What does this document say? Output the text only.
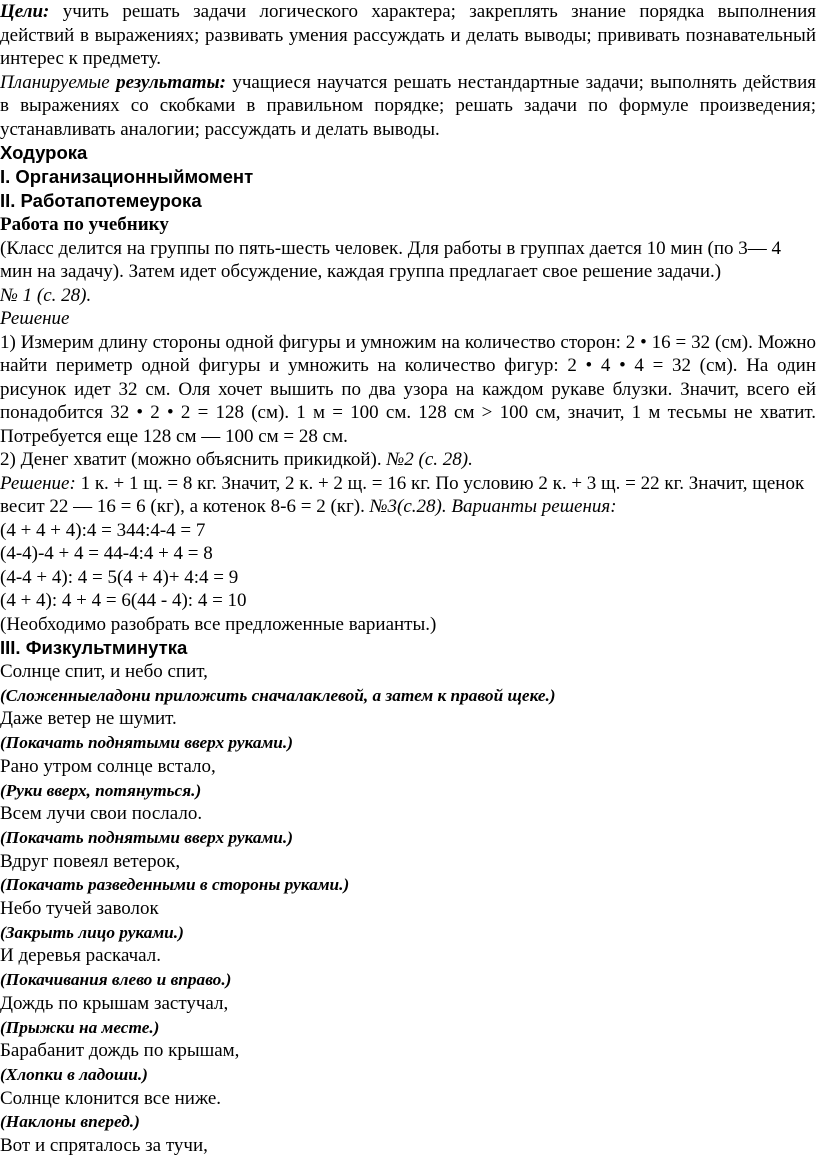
Цели: учить решать задачи логического характера; закреплять знание порядка выполнения действий в выражениях; развивать умения рассуждать и делать выводы; прививать познавательный интерес к предмету.

Планируемые результаты: учащиеся научатся решать нестандартные задачи; выполнять действия в выражениях со скобками в правильном порядке; решать задачи по формуле произведения; устанавливать аналогии; рассуждать и делать выводы.

Ходурока

I. Организационныймомент

II. Работапотемеурока

Работа по учебнику

(Класс делится на группы по пять-шесть человек. Для работы в группах дается 10 мин (по 3— 4 мин на задачу). Затем идет обсуждение, каждая группа предлагает свое решение задачи.)

№ 1 (с. 28).

Решение

1) Измерим длину стороны одной фигуры и умножим на количество сторон: 2 • 16 = 32 (см). Можно найти периметр одной фигуры и умножить на количество фигур: 2 • 4 • 4 = 32 (см). На один рисунок идет 32 см. Оля хочет вышить по два узора на каждом рукаве блузки. Значит, всего ей понадобится 32 • 2 • 2 = 128 (см). 1 м = 100 см. 128 см > 100 см, значит, 1 м тесьмы не хватит. Потребуется еще 128 см — 100 см = 28 см.

2) Денег хватит (можно объяснить прикидкой). №2 (с. 28).

Решение: 1 к. + 1 щ. = 8 кг. Значит, 2 к. + 2 щ. = 16 кг. По условию 2 к. + 3 щ. = 22 кг. Значит, щенок весит 22 — 16 = 6 (кг), а котенок 8-6 = 2 (кг). №3(с.28). Варианты решения:

(4 + 4 + 4):4 = 344:4-4 = 7

(4-4)-4 + 4 = 44-4:4 + 4 = 8

(4-4 + 4): 4 = 5(4 + 4)+ 4:4 = 9

(4 + 4): 4 + 4 = 6(44 - 4): 4 = 10

(Необходимо разобрать все предложенные варианты.)

III. Физкультминутка

Солнце спит, и небо спит,

(Сложенныеладони приложить сначалаклевой, а затем к правой щеке.)

Даже ветер не шумит.

(Покачать поднятыми вверх руками.)

Рано утром солнце встало,

(Руки вверх, потянуться.)

Всем лучи свои послало.

(Покачать поднятыми вверх руками.)

Вдруг повеял ветерок,

(Покачать разведенными в стороны руками.)

Небо тучей заволок

(Закрыть лицо руками.)

И деревья раскачал.

(Покачивания влево и вправо.)

Дождь по крышам застучал,

(Прыжки на месте.)

Барабанит дождь по крышам,

(Хлопки в ладоши.)

Солнце клонится все ниже.

(Наклоны вперед.)

Вот и спряталось за тучи,
